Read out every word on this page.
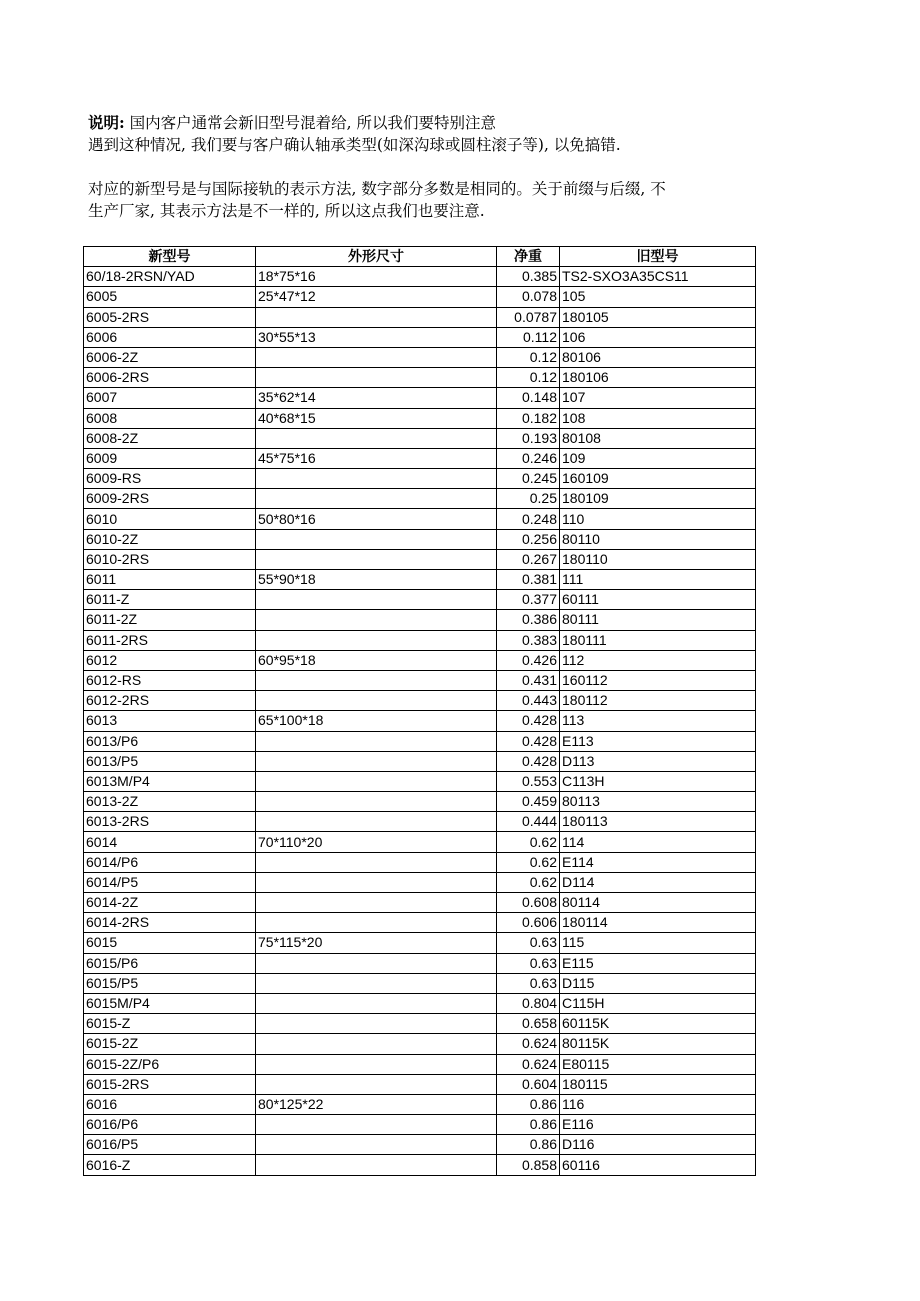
说明: 国内客户通常会新旧型号混着给, 所以我们要特别注意
遇到这种情况, 我们要与客户确认轴承类型(如深沟球或圆柱滚子等), 以免搞错.
对应的新型号是与国际接轨的表示方法, 数字部分多数是相同的。关于前缀与后缀, 不
生产厂家, 其表示方法是不一样的, 所以这点我们也要注意.
新型号	外形尺寸	净重	旧型号
60/18-2RSN/YAD	18*75*16	0.385	TS2-SXO3A35CS11
6005	25*47*12	0.078	105
6005-2RS		0.0787	180105
6006	30*55*13	0.112	106
6006-2Z		0.12	80106
6006-2RS		0.12	180106
6007	35*62*14	0.148	107
6008	40*68*15	0.182	108
6008-2Z		0.193	80108
6009	45*75*16	0.246	109
6009-RS		0.245	160109
6009-2RS		0.25	180109
6010	50*80*16	0.248	110
6010-2Z		0.256	80110
6010-2RS		0.267	180110
6011	55*90*18	0.381	111
6011-Z		0.377	60111
6011-2Z		0.386	80111
6011-2RS		0.383	180111
6012	60*95*18	0.426	112
6012-RS		0.431	160112
6012-2RS		0.443	180112
6013	65*100*18	0.428	113
6013/P6		0.428	E113
6013/P5		0.428	D113
6013M/P4		0.553	C113H
6013-2Z		0.459	80113
6013-2RS		0.444	180113
6014	70*110*20	0.62	114
6014/P6		0.62	E114
6014/P5		0.62	D114
6014-2Z		0.608	80114
6014-2RS		0.606	180114
6015	75*115*20	0.63	115
6015/P6		0.63	E115
6015/P5		0.63	D115
6015M/P4		0.804	C115H
6015-Z		0.658	60115K
6015-2Z		0.624	80115K
6015-2Z/P6		0.624	E80115
6015-2RS		0.604	180115
6016	80*125*22	0.86	116
6016/P6		0.86	E116
6016/P5		0.86	D116
6016-Z		0.858	60116
